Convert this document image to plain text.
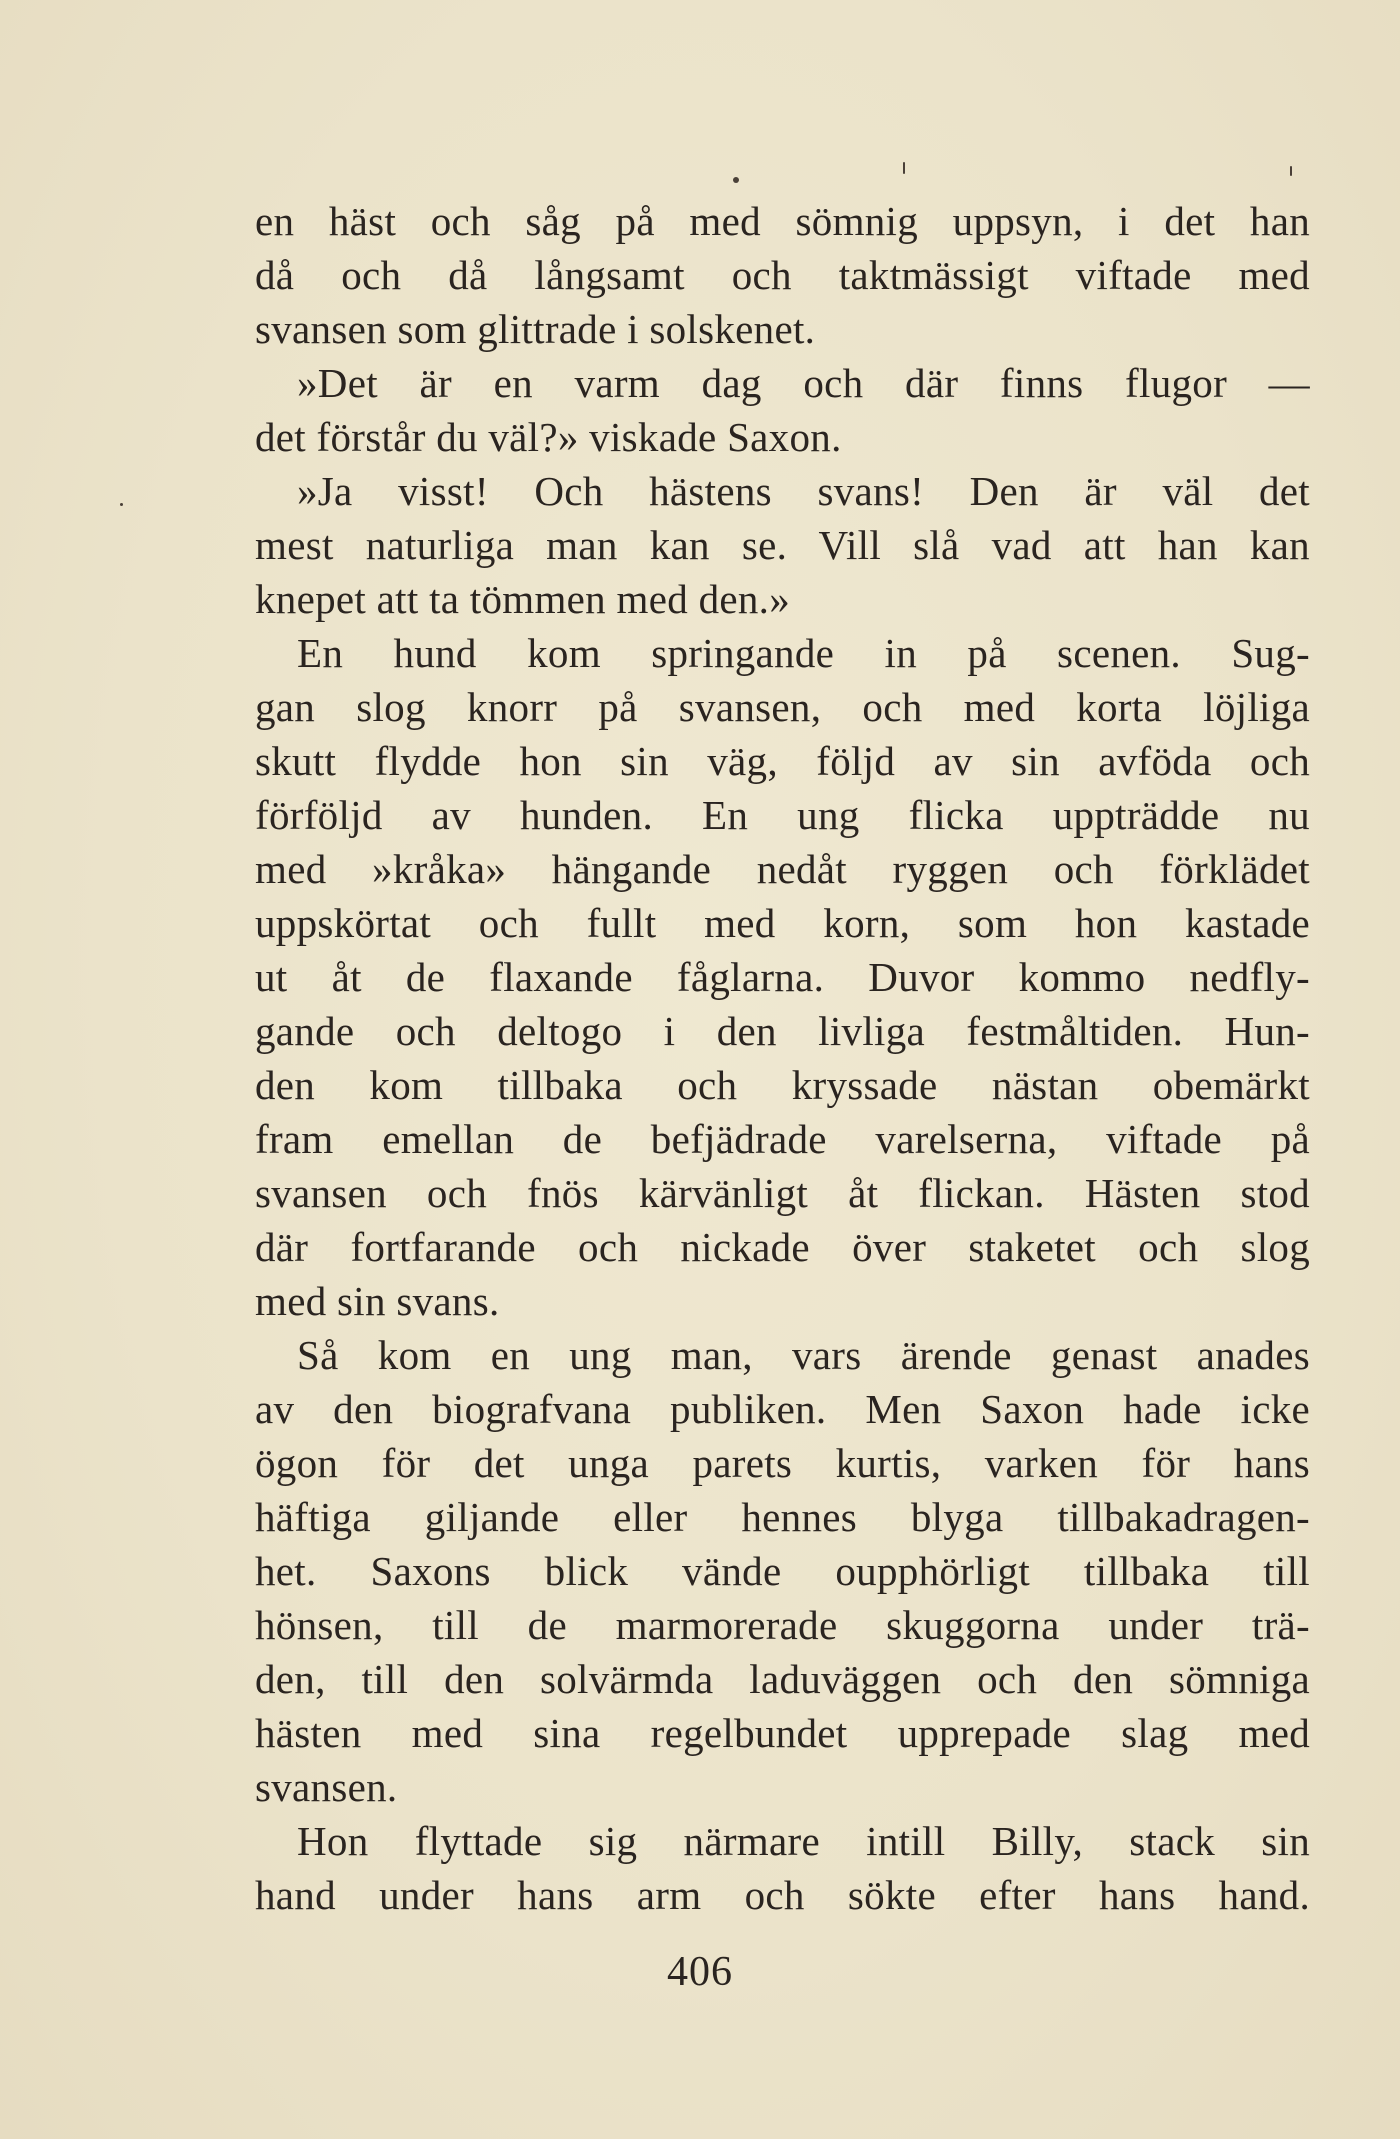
en häst och såg på med sömnig uppsyn, i det han
då och då långsamt och taktmässigt viftade med
svansen som glittrade i solskenet.
»Det är en varm dag och där finns flugor —
det förstår du väl?» viskade Saxon.
»Ja visst! Och hästens svans! Den är väl det
mest naturliga man kan se. Vill slå vad att han kan
knepet att ta tömmen med den.»
En hund kom springande in på scenen. Sug-
gan slog knorr på svansen, och med korta löjliga
skutt flydde hon sin väg, följd av sin avföda och
förföljd av hunden. En ung flicka uppträdde nu
med »kråka» hängande nedåt ryggen och förklädet
uppskörtat och fullt med korn, som hon kastade
ut åt de flaxande fåglarna. Duvor kommo nedfly-
gande och deltogo i den livliga festmåltiden. Hun-
den kom tillbaka och kryssade nästan obemärkt
fram emellan de befjädrade varelserna, viftade på
svansen och fnös kärvänligt åt flickan. Hästen stod
där fortfarande och nickade över staketet och slog
med sin svans.
Så kom en ung man, vars ärende genast anades
av den biografvana publiken. Men Saxon hade icke
ögon för det unga parets kurtis, varken för hans
häftiga giljande eller hennes blyga tillbakadragen-
het. Saxons blick vände oupphörligt tillbaka till
hönsen, till de marmorerade skuggorna under trä-
den, till den solvärmda laduväggen och den sömniga
hästen med sina regelbundet upprepade slag med
svansen.
Hon flyttade sig närmare intill Billy, stack sin
hand under hans arm och sökte efter hans hand.
406
